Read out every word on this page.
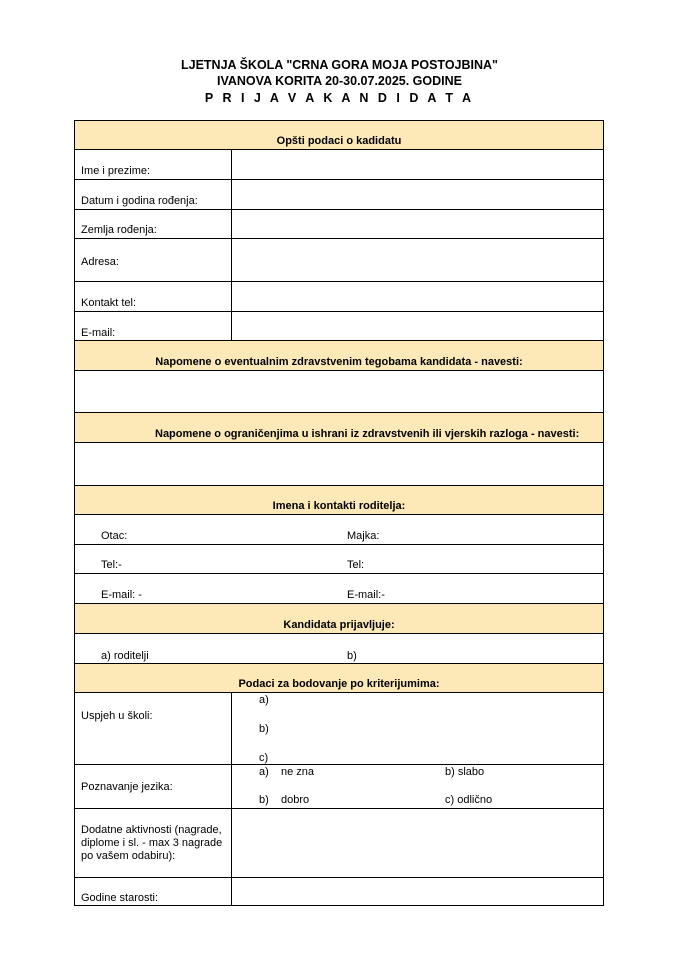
LJETNJA ŠKOLA "CRNA GORA MOJA POSTOJBINA"
IVANOVA KORITA 20-30.07.2025. GODINE
P R I J A V A K A N D I D A T A
Opšti podaci o kadidatu
Ime i prezime:
Datum i godina rođenja:
Zemlja rođenja:
Adresa:
Kontakt tel:
E-mail:
Napomene o eventualnim zdravstvenim tegobama kandidata - navesti:
Napomene o ograničenjima u ishrani iz zdravstvenih ili vjerskih razloga - navesti:
Imena i kontakti roditelja:
Otac:	Majka:
Tel:-	Tel:
E-mail: -	E-mail:-
Kandidata prijavljuje:
a) roditelji	b)
Podaci za bodovanje po kriterijumima:
Uspjeh u školi:
a)
b)
c)
Poznavanje jezika:
a)    ne zna	b) slabo
b)    dobro	c) odlično
Dodatne aktivnosti (nagrade, diplome i sl. - max 3 nagrade po vašem odabiru):
Godine starosti:
